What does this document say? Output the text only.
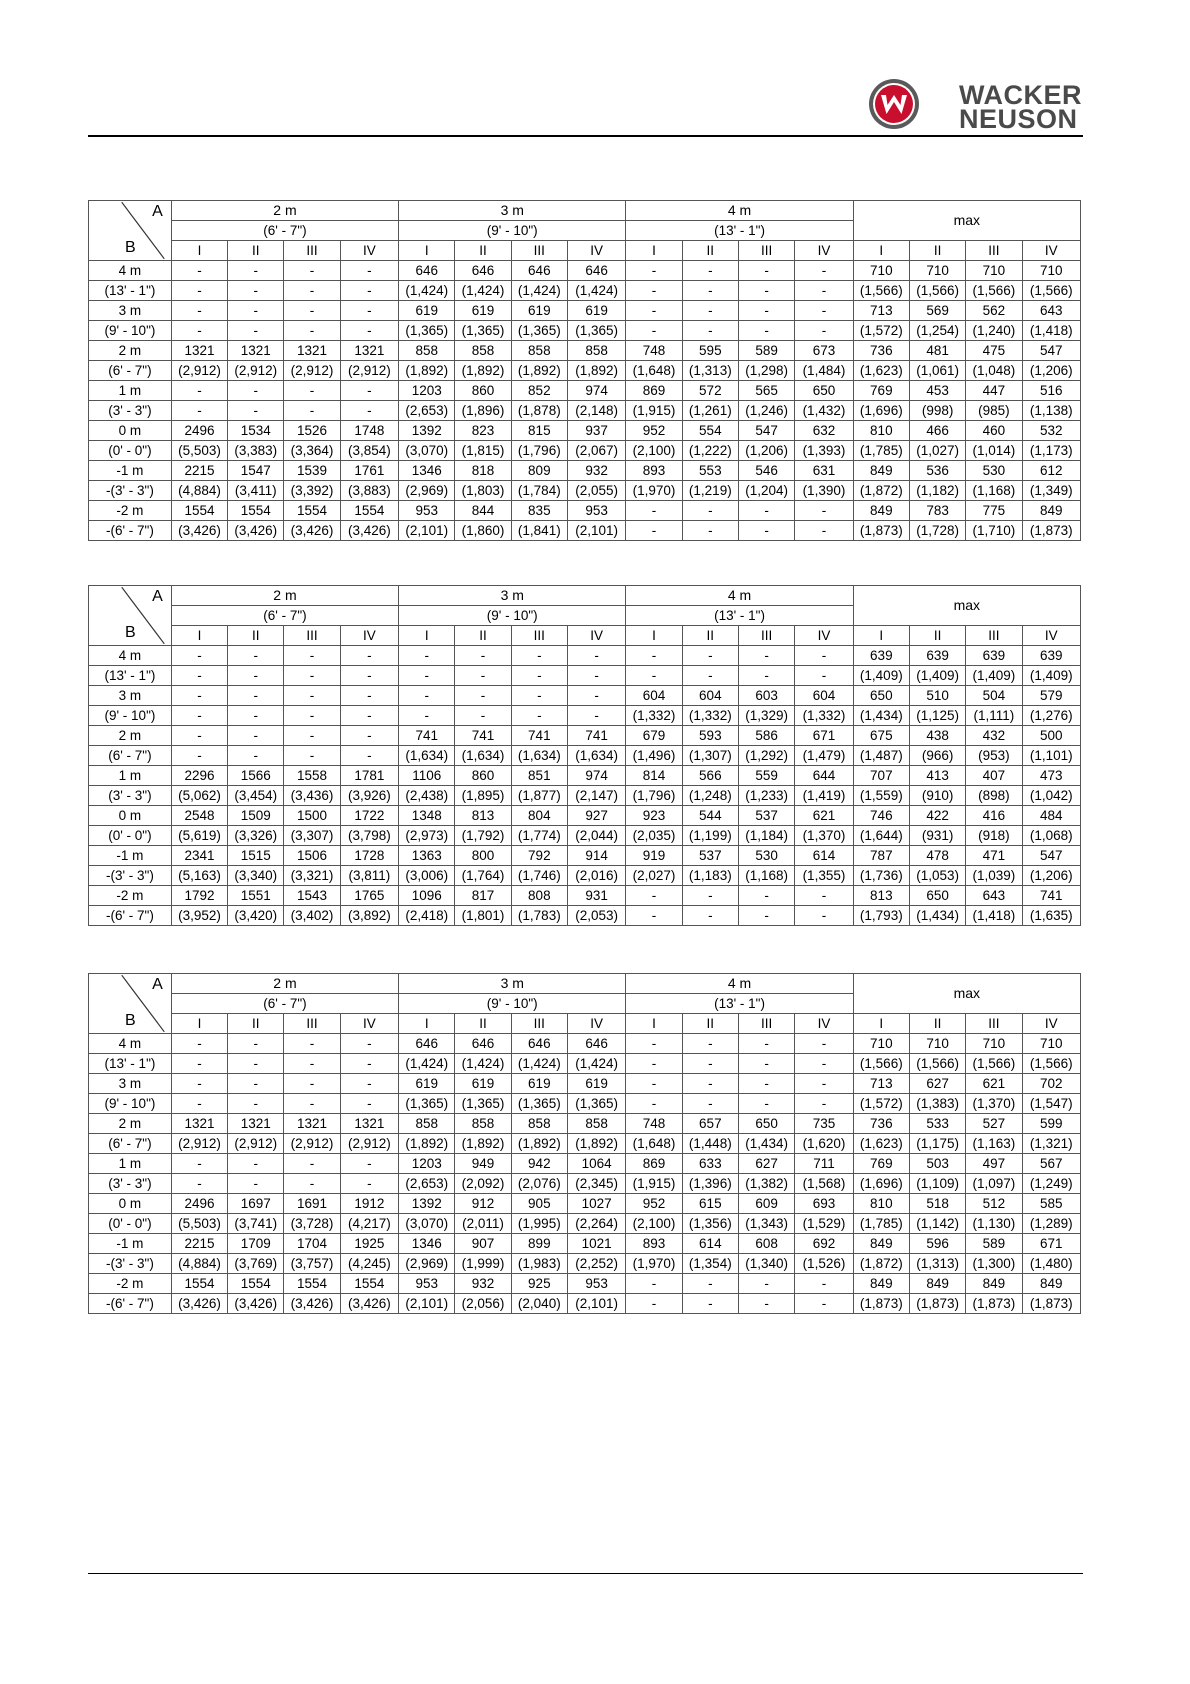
WACKER
NEUSON
A
B	2 m				3 m				4 m				max			
	(6' - 7")				(9' - 10")				(13' - 1")							
	I	II	III	IV	I	II	III	IV	I	II	III	IV	I	II	III	IV
4 m	-	-	-	-	646	646	646	646	-	-	-	-	710	710	710	710
(13' - 1")	-	-	-	-	(1,424)	(1,424)	(1,424)	(1,424)	-	-	-	-	(1,566)	(1,566)	(1,566)	(1,566)
3 m	-	-	-	-	619	619	619	619	-	-	-	-	713	569	562	643
(9' - 10")	-	-	-	-	(1,365)	(1,365)	(1,365)	(1,365)	-	-	-	-	(1,572)	(1,254)	(1,240)	(1,418)
2 m	1321	1321	1321	1321	858	858	858	858	748	595	589	673	736	481	475	547
(6' - 7")	(2,912)	(2,912)	(2,912)	(2,912)	(1,892)	(1,892)	(1,892)	(1,892)	(1,648)	(1,313)	(1,298)	(1,484)	(1,623)	(1,061)	(1,048)	(1,206)
1 m	-	-	-	-	1203	860	852	974	869	572	565	650	769	453	447	516
(3' - 3")	-	-	-	-	(2,653)	(1,896)	(1,878)	(2,148)	(1,915)	(1,261)	(1,246)	(1,432)	(1,696)	(998)	(985)	(1,138)
0 m	2496	1534	1526	1748	1392	823	815	937	952	554	547	632	810	466	460	532
(0' - 0")	(5,503)	(3,383)	(3,364)	(3,854)	(3,070)	(1,815)	(1,796)	(2,067)	(2,100)	(1,222)	(1,206)	(1,393)	(1,785)	(1,027)	(1,014)	(1,173)
-1 m	2215	1547	1539	1761	1346	818	809	932	893	553	546	631	849	536	530	612
-(3' - 3")	(4,884)	(3,411)	(3,392)	(3,883)	(2,969)	(1,803)	(1,784)	(2,055)	(1,970)	(1,219)	(1,204)	(1,390)	(1,872)	(1,182)	(1,168)	(1,349)
-2 m	1554	1554	1554	1554	953	844	835	953	-	-	-	-	849	783	775	849
-(6' - 7")	(3,426)	(3,426)	(3,426)	(3,426)	(2,101)	(1,860)	(1,841)	(2,101)	-	-	-	-	(1,873)	(1,728)	(1,710)	(1,873)
A
B	2 m				3 m				4 m				max			
	(6' - 7")				(9' - 10")				(13' - 1")							
	I	II	III	IV	I	II	III	IV	I	II	III	IV	I	II	III	IV
4 m	-	-	-	-	-	-	-	-	-	-	-	-	639	639	639	639
(13' - 1")	-	-	-	-	-	-	-	-	-	-	-	-	(1,409)	(1,409)	(1,409)	(1,409)
3 m	-	-	-	-	-	-	-	-	604	604	603	604	650	510	504	579
(9' - 10")	-	-	-	-	-	-	-	-	(1,332)	(1,332)	(1,329)	(1,332)	(1,434)	(1,125)	(1,111)	(1,276)
2 m	-	-	-	-	741	741	741	741	679	593	586	671	675	438	432	500
(6' - 7")	-	-	-	-	(1,634)	(1,634)	(1,634)	(1,634)	(1,496)	(1,307)	(1,292)	(1,479)	(1,487)	(966)	(953)	(1,101)
1 m	2296	1566	1558	1781	1106	860	851	974	814	566	559	644	707	413	407	473
(3' - 3")	(5,062)	(3,454)	(3,436)	(3,926)	(2,438)	(1,895)	(1,877)	(2,147)	(1,796)	(1,248)	(1,233)	(1,419)	(1,559)	(910)	(898)	(1,042)
0 m	2548	1509	1500	1722	1348	813	804	927	923	544	537	621	746	422	416	484
(0' - 0")	(5,619)	(3,326)	(3,307)	(3,798)	(2,973)	(1,792)	(1,774)	(2,044)	(2,035)	(1,199)	(1,184)	(1,370)	(1,644)	(931)	(918)	(1,068)
-1 m	2341	1515	1506	1728	1363	800	792	914	919	537	530	614	787	478	471	547
-(3' - 3")	(5,163)	(3,340)	(3,321)	(3,811)	(3,006)	(1,764)	(1,746)	(2,016)	(2,027)	(1,183)	(1,168)	(1,355)	(1,736)	(1,053)	(1,039)	(1,206)
-2 m	1792	1551	1543	1765	1096	817	808	931	-	-	-	-	813	650	643	741
-(6' - 7")	(3,952)	(3,420)	(3,402)	(3,892)	(2,418)	(1,801)	(1,783)	(2,053)	-	-	-	-	(1,793)	(1,434)	(1,418)	(1,635)
A
B	2 m				3 m				4 m				max			
	(6' - 7")				(9' - 10")				(13' - 1")							
	I	II	III	IV	I	II	III	IV	I	II	III	IV	I	II	III	IV
4 m	-	-	-	-	646	646	646	646	-	-	-	-	710	710	710	710
(13' - 1")	-	-	-	-	(1,424)	(1,424)	(1,424)	(1,424)	-	-	-	-	(1,566)	(1,566)	(1,566)	(1,566)
3 m	-	-	-	-	619	619	619	619	-	-	-	-	713	627	621	702
(9' - 10")	-	-	-	-	(1,365)	(1,365)	(1,365)	(1,365)	-	-	-	-	(1,572)	(1,383)	(1,370)	(1,547)
2 m	1321	1321	1321	1321	858	858	858	858	748	657	650	735	736	533	527	599
(6' - 7")	(2,912)	(2,912)	(2,912)	(2,912)	(1,892)	(1,892)	(1,892)	(1,892)	(1,648)	(1,448)	(1,434)	(1,620)	(1,623)	(1,175)	(1,163)	(1,321)
1 m	-	-	-	-	1203	949	942	1064	869	633	627	711	769	503	497	567
(3' - 3")	-	-	-	-	(2,653)	(2,092)	(2,076)	(2,345)	(1,915)	(1,396)	(1,382)	(1,568)	(1,696)	(1,109)	(1,097)	(1,249)
0 m	2496	1697	1691	1912	1392	912	905	1027	952	615	609	693	810	518	512	585
(0' - 0")	(5,503)	(3,741)	(3,728)	(4,217)	(3,070)	(2,011)	(1,995)	(2,264)	(2,100)	(1,356)	(1,343)	(1,529)	(1,785)	(1,142)	(1,130)	(1,289)
-1 m	2215	1709	1704	1925	1346	907	899	1021	893	614	608	692	849	596	589	671
-(3' - 3")	(4,884)	(3,769)	(3,757)	(4,245)	(2,969)	(1,999)	(1,983)	(2,252)	(1,970)	(1,354)	(1,340)	(1,526)	(1,872)	(1,313)	(1,300)	(1,480)
-2 m	1554	1554	1554	1554	953	932	925	953	-	-	-	-	849	849	849	849
-(6' - 7")	(3,426)	(3,426)	(3,426)	(3,426)	(2,101)	(2,056)	(2,040)	(2,101)	-	-	-	-	(1,873)	(1,873)	(1,873)	(1,873)
